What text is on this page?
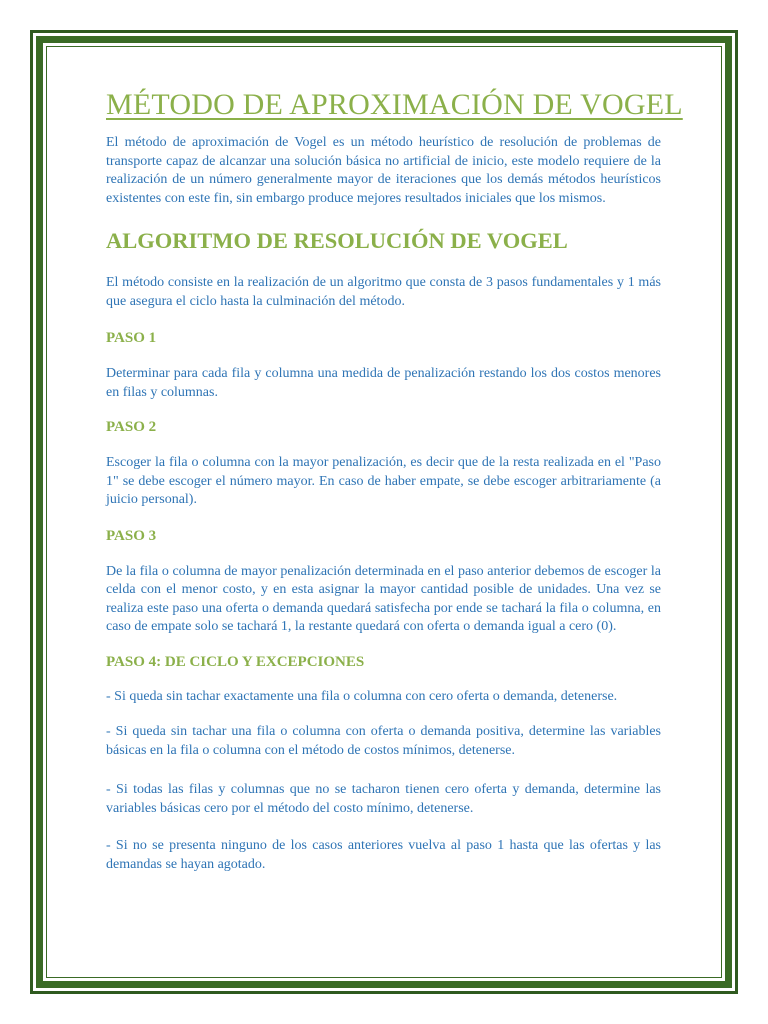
MÉTODO DE APROXIMACIÓN DE VOGEL

El método de aproximación de Vogel es un método heurístico de resolución de problemas de transporte capaz de alcanzar una solución básica no artificial de inicio, este modelo requiere de la realización de un número generalmente mayor de iteraciones que los demás métodos heurísticos existentes con este fin, sin embargo produce mejores resultados iniciales que los mismos.

ALGORITMO DE RESOLUCIÓN DE VOGEL

El método consiste en la realización de un algoritmo que consta de 3 pasos fundamentales y 1 más que asegura el ciclo hasta la culminación del método.

PASO 1

Determinar para cada fila y columna una medida de penalización restando los dos costos menores en filas y columnas.

PASO 2

Escoger la fila o columna con la mayor penalización, es decir que de la resta realizada en el "Paso 1" se debe escoger el número mayor. En caso de haber empate, se debe escoger arbitrariamente (a juicio personal).

PASO 3

De la fila o columna de mayor penalización determinada en el paso anterior debemos de escoger la celda con el menor costo, y en esta asignar la mayor cantidad posible de unidades. Una vez se realiza este paso una oferta o demanda quedará satisfecha por ende se tachará la fila o columna, en caso de empate solo se tachará 1, la restante quedará con oferta o demanda igual a cero (0).

PASO 4: DE CICLO Y EXCEPCIONES

- Si queda sin tachar exactamente una fila o columna con cero oferta o demanda, detenerse.

- Si queda sin tachar una fila o columna con oferta o demanda positiva, determine las variables básicas en la fila o columna con el método de costos mínimos, detenerse.

- Si todas las filas y columnas que no se tacharon tienen cero oferta y demanda, determine las variables básicas cero por el método del costo mínimo, detenerse.

- Si no se presenta ninguno de los casos anteriores vuelva al paso 1 hasta que las ofertas y las demandas se hayan agotado.
